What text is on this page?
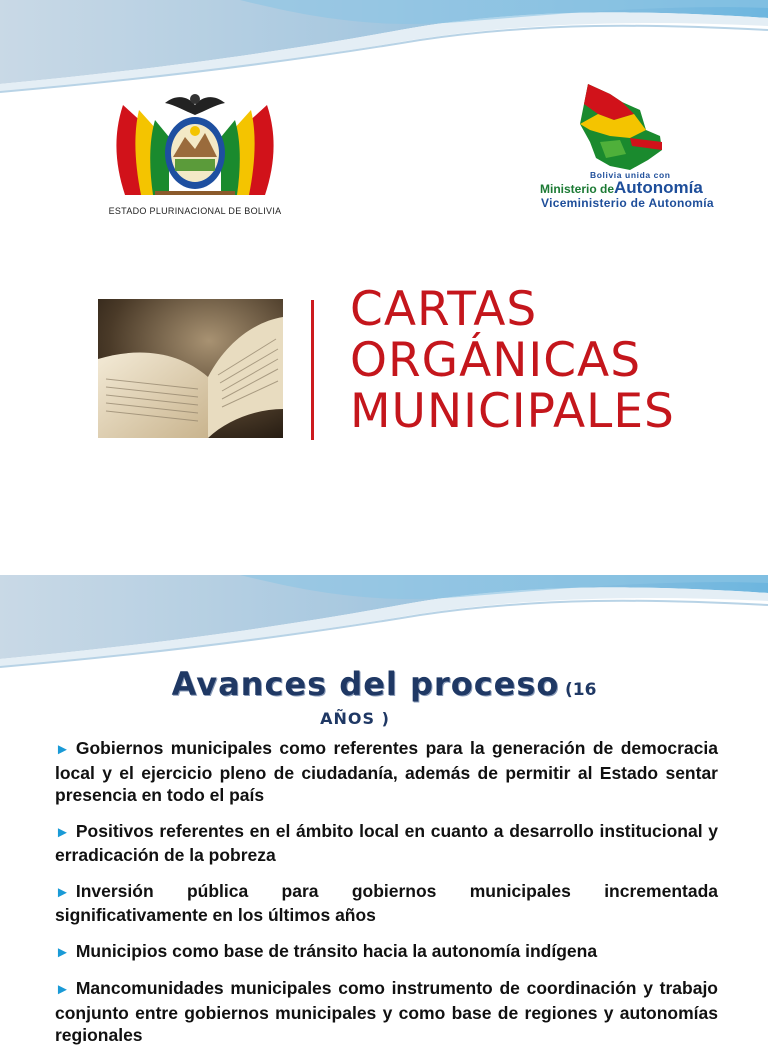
ESTADO PLURINACIONAL DE BOLIVIA
Bolivia unida con
Ministerio deAutonomía
Viceministerio de Autonomía
CARTAS
ORGÁNICAS
MUNICIPALES
Avances del proceso (16
AÑOS )
► Gobiernos municipales como referentes para la generación de democracia local y el ejercicio pleno de ciudadanía, además de permitir al Estado sentar presencia en todo el país
► Positivos referentes en el ámbito local en cuanto a desarrollo institucional y erradicación de la pobreza
► Inversión pública para gobiernos municipales incrementada significativamente en los últimos años
► Municipios como base de tránsito hacia la autonomía indígena
► Mancomunidades municipales como instrumento de coordinación y trabajo conjunto entre gobiernos municipales y como base de regiones y autonomías regionales
